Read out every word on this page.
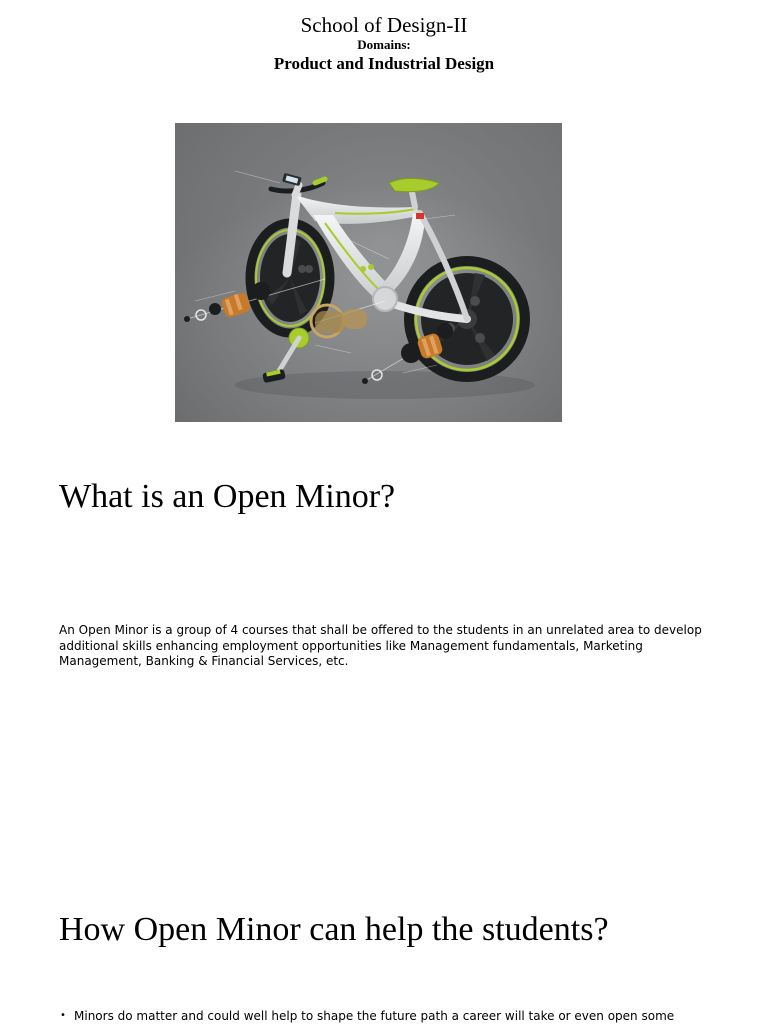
School of Design-II
Domains:
Product and Industrial Design
What is an Open Minor?
An Open Minor is a group of 4 courses that shall be offered to the students in an unrelated area to develop additional skills enhancing employment opportunities like Management fundamentals, Marketing Management, Banking & Financial Services, etc.
How Open Minor can help the students?
• Minors do matter and could well help to shape the future path a career will take or even open some
